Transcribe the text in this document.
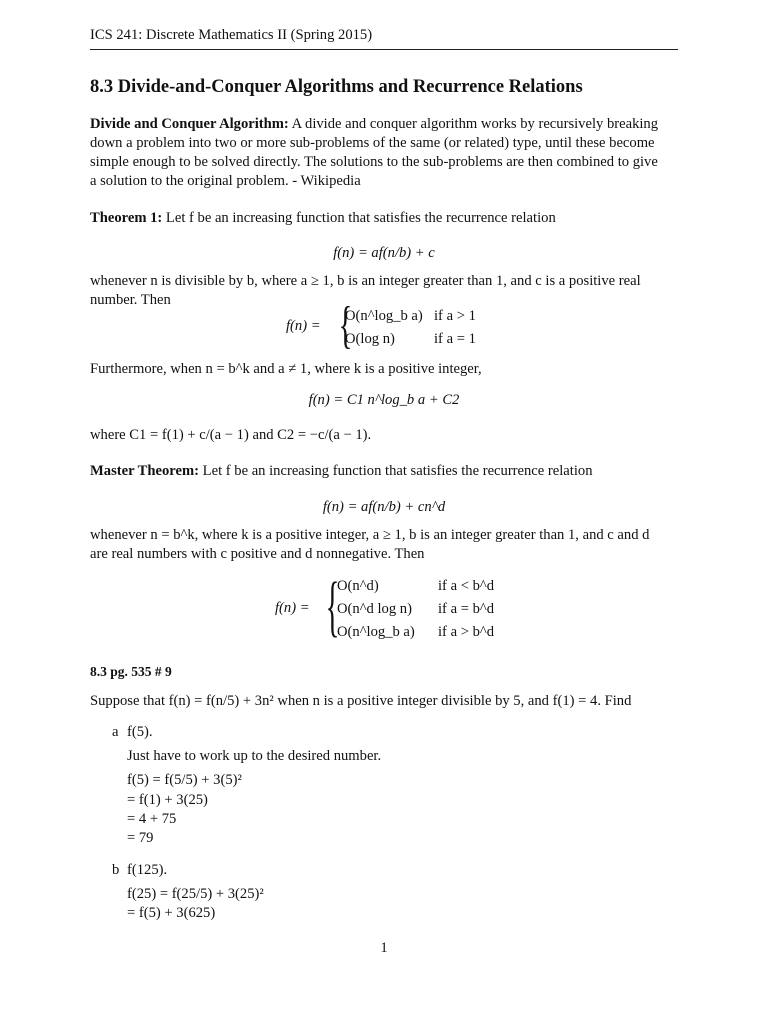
ICS 241: Discrete Mathematics II (Spring 2015)
8.3 Divide-and-Conquer Algorithms and Recurrence Relations
Divide and Conquer Algorithm: A divide and conquer algorithm works by recursively breaking
down a problem into two or more sub-problems of the same (or related) type, until these become
simple enough to be solved directly. The solutions to the sub-problems are then combined to give
a solution to the original problem. - Wikipedia
Theorem 1: Let f be an increasing function that satisfies the recurrence relation
f(n) = af(n/b) + c
whenever n is divisible by b, where a ≥ 1, b is an integer greater than 1, and c is a positive real
number. Then
f(n) = {
O(n^log_b a) if a > 1
O(log n)	if a = 1
Furthermore, when n = b^k and a ≠ 1, where k is a positive integer,
f(n) = C1 n^log_b a + C2
where C1 = f(1) + c/(a − 1) and C2 = −c/(a − 1).
Master Theorem: Let f be an increasing function that satisfies the recurrence relation
f(n) = af(n/b) + cn^d
whenever n = b^k, where k is a positive integer, a ≥ 1, b is an integer greater than 1, and c and d
are real numbers with c positive and d nonnegative. Then
f(n) = {
O(n^d)	if a < b^d
O(n^d log n) if a = b^d
O(n^log_b a) if a > b^d
8.3 pg. 535 # 9
Suppose that f(n) = f(n/5) + 3n² when n is a positive integer divisible by 5, and f(1) = 4. Find
a f(5).
Just have to work up to the desired number.
f(5) = f(5/5) + 3(5)²
= f(1) + 3(25)
= 4 + 75
= 79
b f(125).
f(25) = f(25/5) + 3(25)²
= f(5) + 3(625)
1
